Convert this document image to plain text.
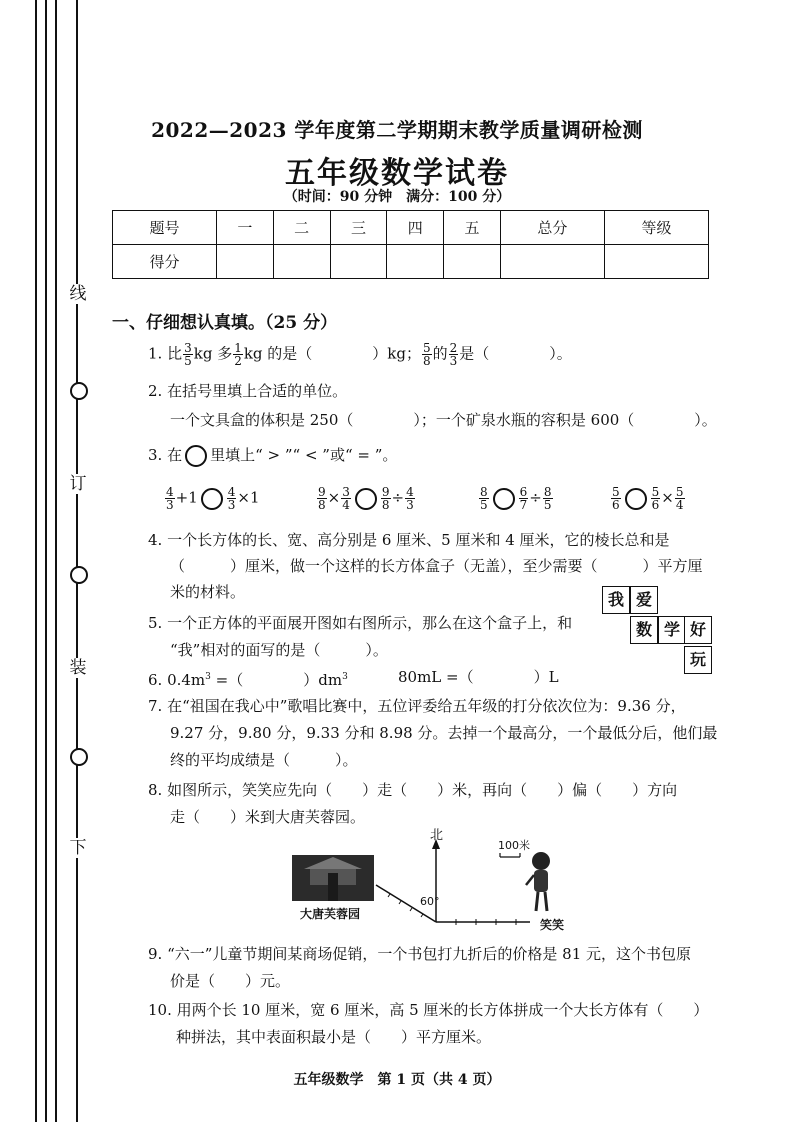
线
订
装
下
2022—2023 学年度第二学期期末教学质量调研检测
五年级数学试卷
（时间：90 分钟　满分：100 分）
题号	一	二	三	四	五	总分	等级
得分							
一、仔细想认真填。（25 分）
1. 比 $\frac{3}{5}$ kg 多 $\frac{1}{2}$ kg 的是（　　　　）kg； $\frac{5}{8}$ 的 $\frac{2}{3}$ 是（　　　　）。
2. 在括号里填上合适的单位。
一个文具盒的体积是 250（　　　　）；一个矿泉水瓶的容积是 600（　　　　）。
3. 在 里填上“ > ”“ < ”或“ = ”。
$\frac{4}{3} +1 \frac{4}{3} \times 1$	$\frac{9}{8} \times \frac{3}{4}$	$\frac{9}{8} \div \frac{4}{3}$	$\frac{8}{5}$	$\frac{6}{7} \div \frac{8}{5}$	$\frac{5}{6}$	$\frac{5}{6} \times \frac{5}{4}$
4. 一个长方体的长、宽、高分别是 6 厘米、5 厘米和 4 厘米，它的棱长总和是
（　　　）厘米，做一个这样的长方体盒子（无盖），至少需要（　　　）平方厘
米的材料。
5. 一个正方体的平面展开图如右图所示，那么在这个盒子上，和
“我”相对的面写的是（　　　）。
我 爱
数 学 好
玩
6. $0.4m^3$ =（　　　　）$dm^3$	80mL =（　　　　）L
7. 在“祖国在我心中”歌唱比赛中，五位评委给五年级的打分依次位为：9.36 分，
9.27 分，9.80 分，9.33 分和 8.98 分。去掉一个最高分，一个最低分后，他们最
终的平均成绩是（　　　）。
8. 如图所示，笑笑应先向（　　）走（　　）米，再向（　　）偏（　　）方向
走（　　）米到大唐芙蓉园。
大唐芙蓉园
北
60°
100米
笑笑
9. “六一”儿童节期间某商场促销，一个书包打九折后的价格是 81 元，这个书包原
价是（　　）元。
10. 用两个长 10 厘米，宽 6 厘米，高 5 厘米的长方体拼成一个大长方体有（　　）
种拼法，其中表面积最小是（　　）平方厘米。
五年级数学　第 1 页（共 4 页）
